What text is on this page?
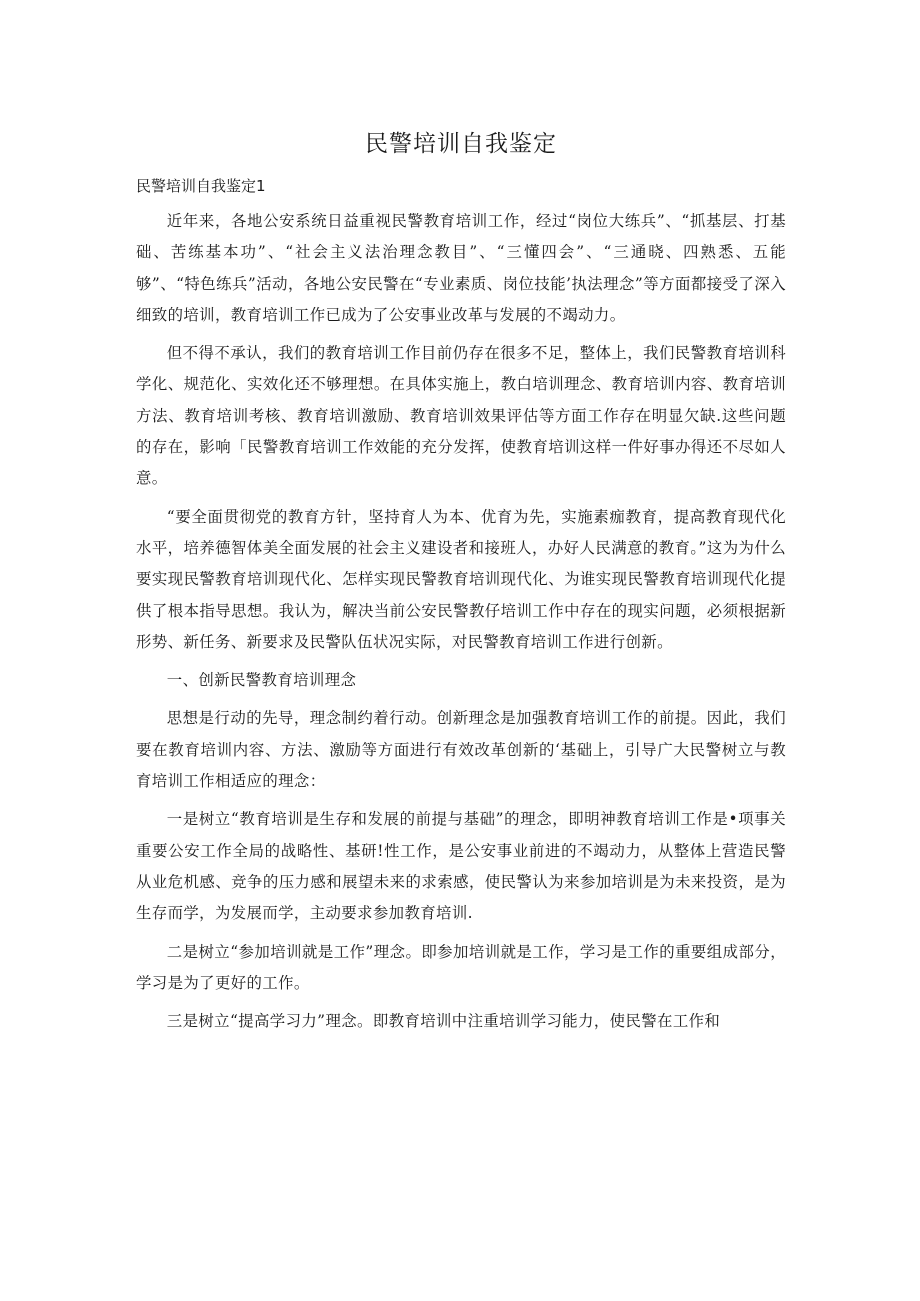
民警培训自我鉴定

民警培训自我鉴定1

近年来，各地公安系统日益重视民警教育培训工作，经过“岗位大练兵”、“抓基层、打基础、苦练基本功”、“社会主义法治理念教目”、“三懂四会”、“三通晓、四熟悉、五能够”、“特色练兵”活动，各地公安民警在“专业素质、岗位技能’执法理念”等方面都接受了深入细致的培训，教育培训工作已成为了公安事业改革与发展的不竭动力。

但不得不承认，我们的教育培训工作目前仍存在很多不足，整体上，我们民警教育培训科学化、规范化、实效化还不够理想。在具体实施上，教白培训理念、教育培训内容、教育培训方法、教育培训考核、教育培训激励、教育培训效果评估等方面工作存在明显欠缺.这些问题的存在，影响「民警教育培训工作效能的充分发挥，使教育培训这样一件好事办得还不尽如人意。

“要全面贯彻党的教育方针，坚持育人为本、优育为先，实施素痂教育，提高教育现代化水平，培养德智体美全面发展的社会主义建设者和接班人，办好人民满意的教育。”这为为什么要实现民警教育培训现代化、怎样实现民警教育培训现代化、为谁实现民警教育培训现代化提供了根本指导思想。我认为，解决当前公安民警教仔培训工作中存在的现实问题，必须根据新形势、新任务、新要求及民警队伍状况实际，对民警教育培训工作进行创新。

一、创新民警教育培训理念

思想是行动的先导，理念制约着行动。创新理念是加强教育培训工作的前提。因此，我们要在教育培训内容、方法、激励等方面进行有效改革创新的‘基础上，引导广大民警树立与教育培训工作相适应的理念：

一是树立“教育培训是生存和发展的前提与基础”的理念，即明神教育培训工作是•项事关重要公安工作全局的战略性、基研!性工作，是公安事业前进的不竭动力，从整体上营造民警从业危机感、竞争的压力感和展望未来的求索感，使民警认为来参加培训是为未来投资，是为生存而学，为发展而学，主动要求参加教育培训.

二是树立“参加培训就是工作”理念。即参加培训就是工作，学习是工作的重要组成部分，学习是为了更好的工作。

三是树立“提高学习力”理念。即教育培训中注重培训学习能力，使民警在工作和
